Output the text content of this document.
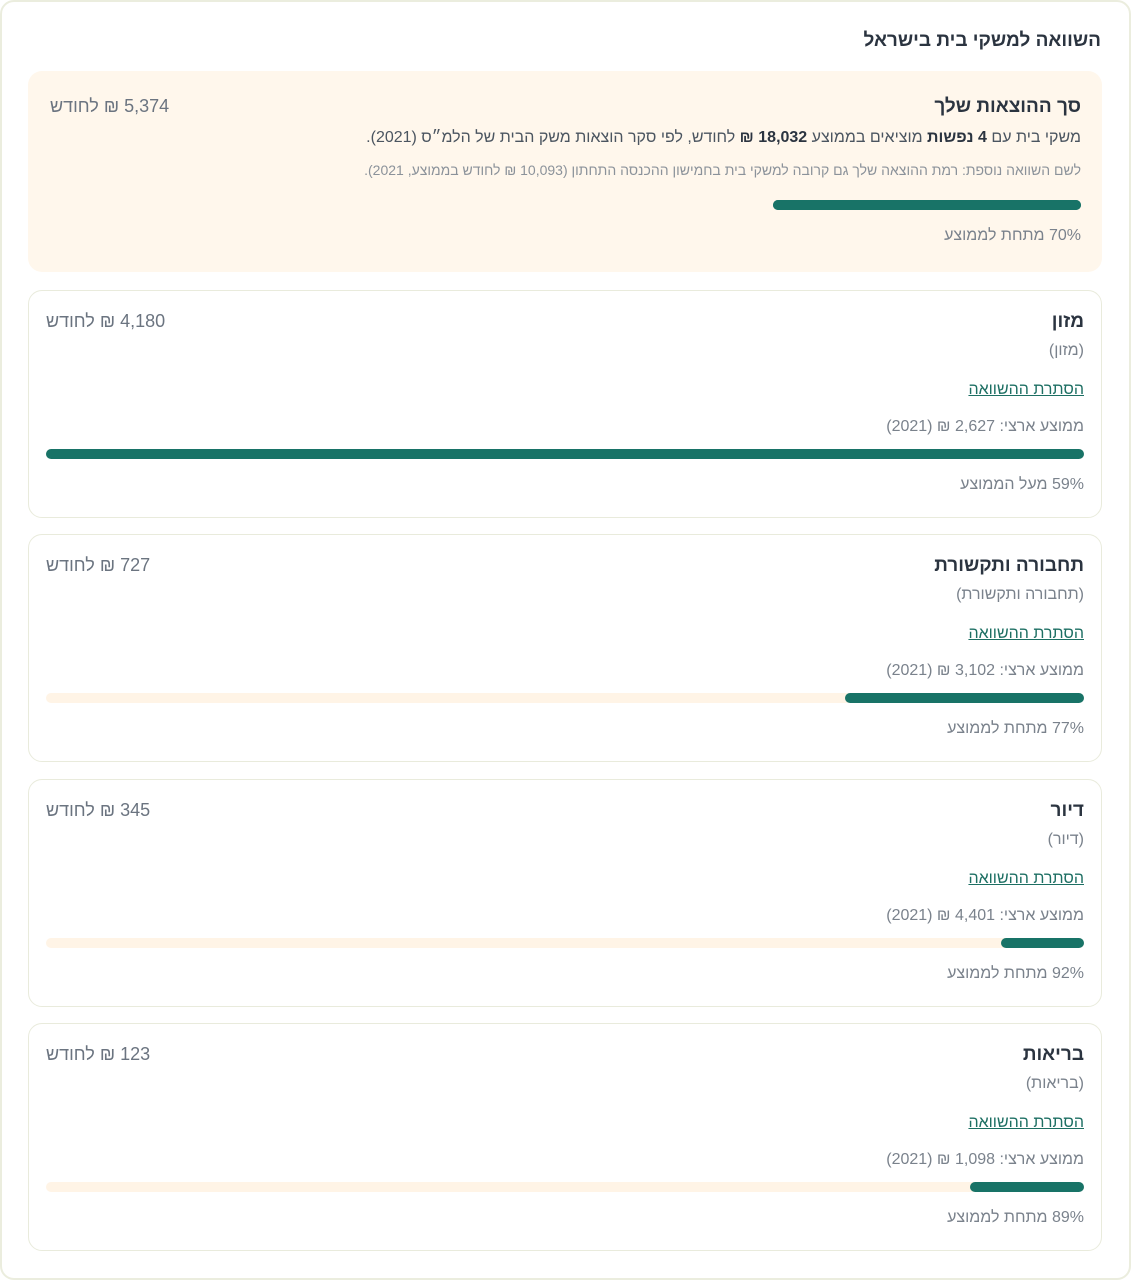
השוואה למשקי בית בישראל
סך ההוצאות שלך
5,374 ₪ לחודש
משקי בית עם 4 נפשות מוציאים בממוצע 18,032 ₪ לחודש, לפי סקר הוצאות משק הבית של הלמ״ס (2021).
לשם השוואה נוספת: רמת ההוצאה שלך גם קרובה למשקי בית בחמישון ההכנסה התחתון (10,093 ₪ לחודש בממוצע, 2021).
70% מתחת לממוצע
מזון
4,180 ₪ לחודש
(מזון)
הסתרת ההשוואה
ממוצע ארצי: 2,627 ₪ (2021)
59% מעל הממוצע
תחבורה ותקשורת
727 ₪ לחודש
(תחבורה ותקשורת)
הסתרת ההשוואה
ממוצע ארצי: 3,102 ₪ (2021)
77% מתחת לממוצע
דיור
345 ₪ לחודש
(דיור)
הסתרת ההשוואה
ממוצע ארצי: 4,401 ₪ (2021)
92% מתחת לממוצע
בריאות
123 ₪ לחודש
(בריאות)
הסתרת ההשוואה
ממוצע ארצי: 1,098 ₪ (2021)
89% מתחת לממוצע
